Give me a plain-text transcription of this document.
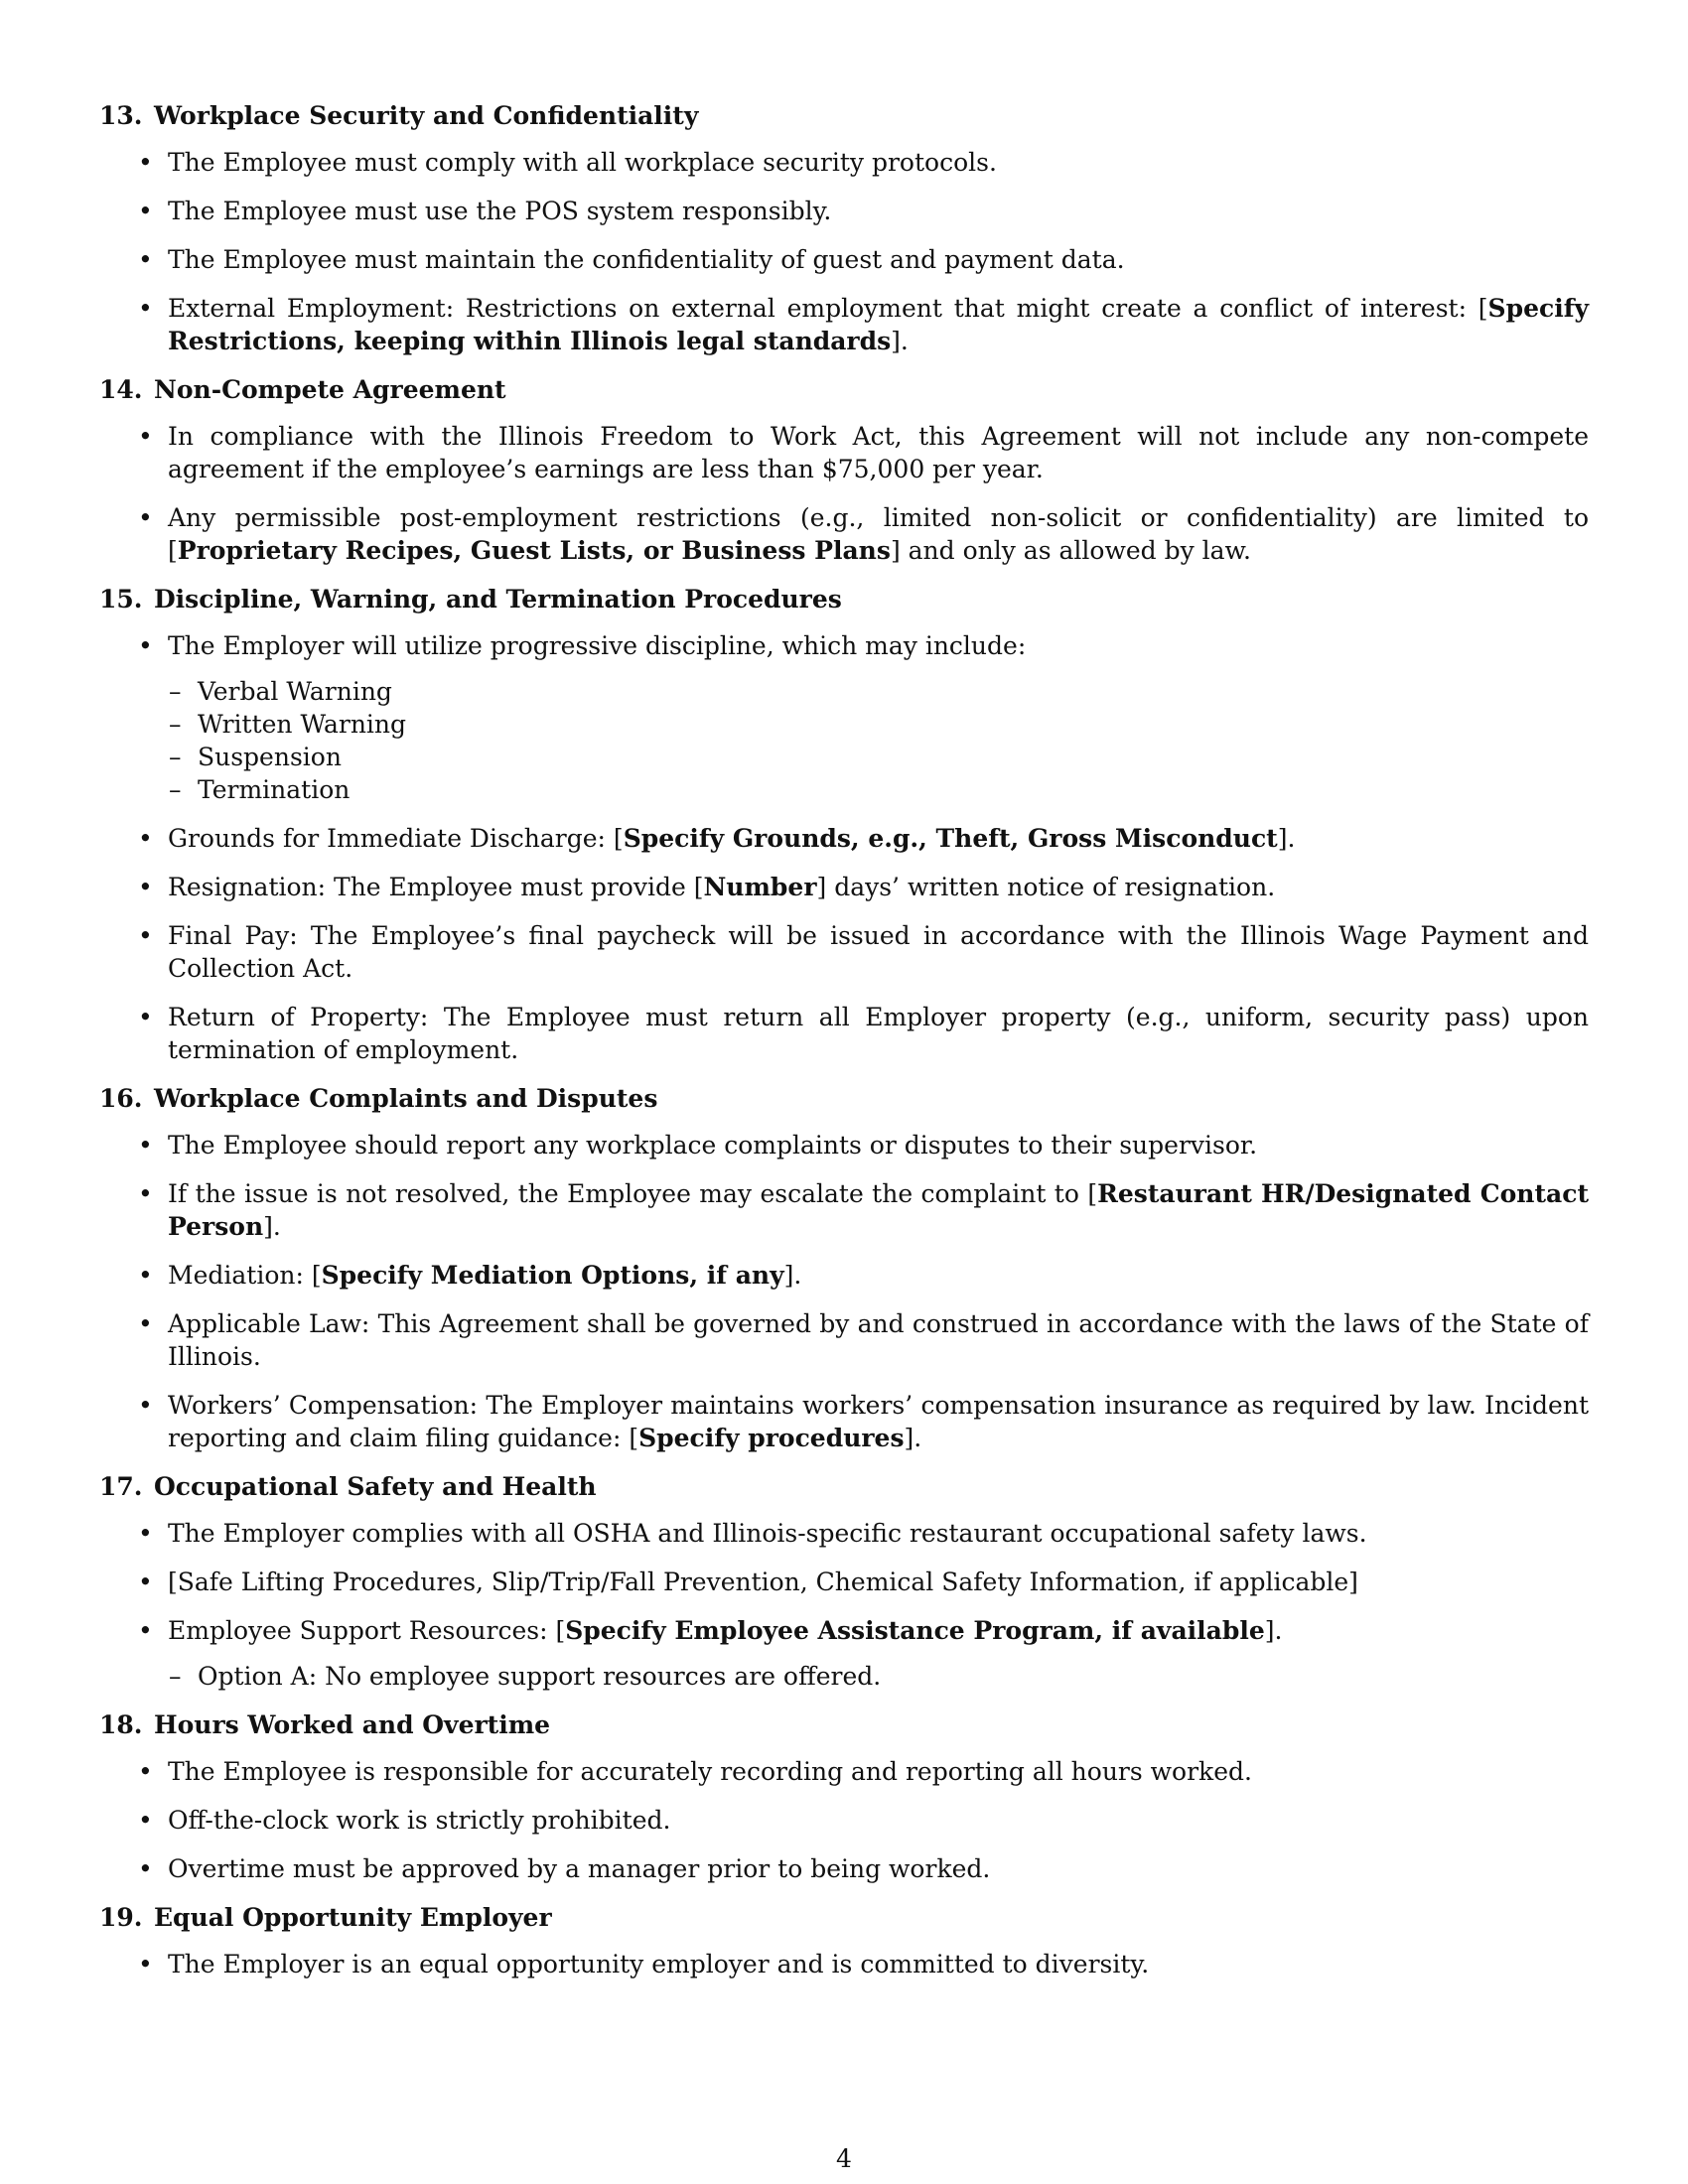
13. Workplace Security and Confidentiality
• The Employee must comply with all workplace security protocols.
• The Employee must use the POS system responsibly.
• The Employee must maintain the confidentiality of guest and payment data.
• External Employment: Restrictions on external employment that might create a conflict of interest: [Specify Restrictions, keeping within Illinois legal standards].
14. Non-Compete Agreement
• In compliance with the Illinois Freedom to Work Act, this Agreement will not include any non-compete agreement if the employee’s earnings are less than $75,000 per year.
• Any permissible post-employment restrictions (e.g., limited non-solicit or confidentiality) are limited to [Proprietary Recipes, Guest Lists, or Business Plans] and only as allowed by law.
15. Discipline, Warning, and Termination Procedures
• The Employer will utilize progressive discipline, which may include:
– Verbal Warning
– Written Warning
– Suspension
– Termination
• Grounds for Immediate Discharge: [Specify Grounds, e.g., Theft, Gross Misconduct].
• Resignation: The Employee must provide [Number] days’ written notice of resignation.
• Final Pay: The Employee’s final paycheck will be issued in accordance with the Illinois Wage Payment and Collection Act.
• Return of Property: The Employee must return all Employer property (e.g., uniform, security pass) upon termination of employment.
16. Workplace Complaints and Disputes
• The Employee should report any workplace complaints or disputes to their supervisor.
• If the issue is not resolved, the Employee may escalate the complaint to [Restaurant HR/Designated Contact Person].
• Mediation: [Specify Mediation Options, if any].
• Applicable Law: This Agreement shall be governed by and construed in accordance with the laws of the State of Illinois.
• Workers’ Compensation: The Employer maintains workers’ compensation insurance as required by law. Incident reporting and claim filing guidance: [Specify procedures].
17. Occupational Safety and Health
• The Employer complies with all OSHA and Illinois-specific restaurant occupational safety laws.
• [Safe Lifting Procedures, Slip/Trip/Fall Prevention, Chemical Safety Information, if applicable]
• Employee Support Resources: [Specify Employee Assistance Program, if available].
– Option A: No employee support resources are offered.
18. Hours Worked and Overtime
• The Employee is responsible for accurately recording and reporting all hours worked.
• Off-the-clock work is strictly prohibited.
• Overtime must be approved by a manager prior to being worked.
19. Equal Opportunity Employer
• The Employer is an equal opportunity employer and is committed to diversity.
4
